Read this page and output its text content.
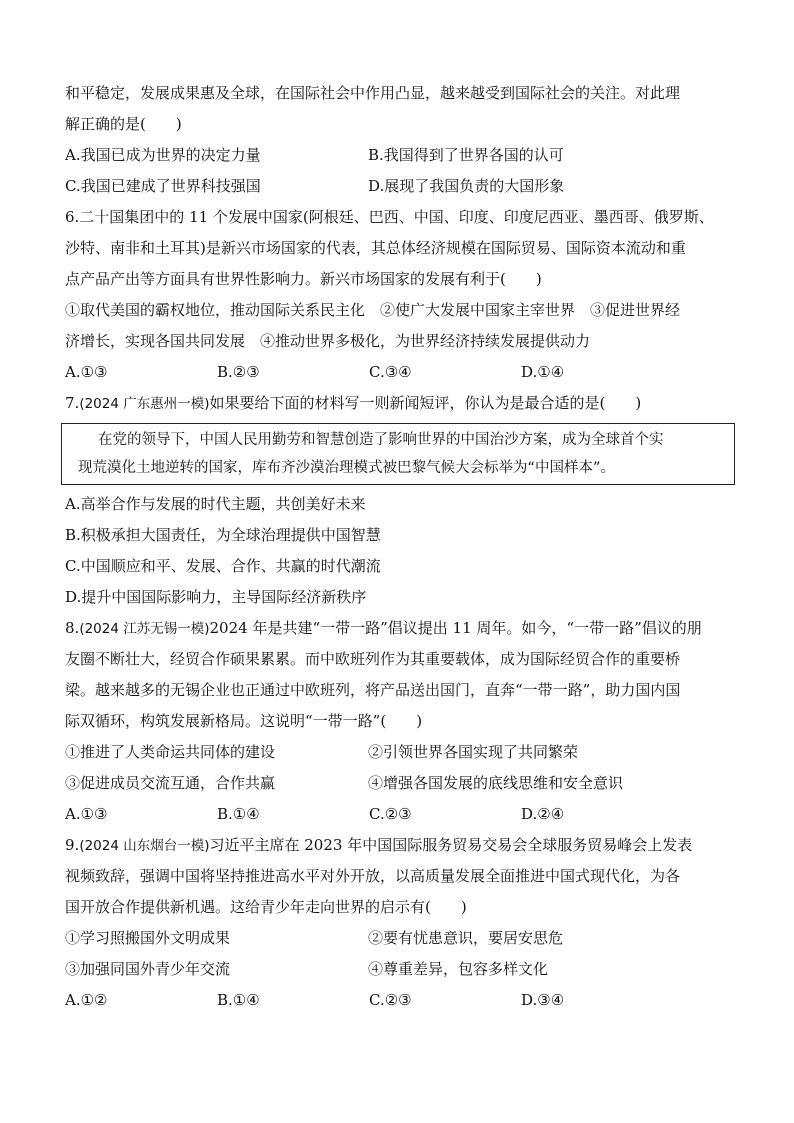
和平稳定，发展成果惠及全球，在国际社会中作用凸显，越来越受到国际社会的关注。对此理
解正确的是(　　)
A.我国已成为世界的决定力量	B.我国得到了世界各国的认可
C.我国已建成了世界科技强国	D.展现了我国负责的大国形象
6.二十国集团中的 11 个发展中国家(阿根廷、巴西、中国、印度、印度尼西亚、墨西哥、俄罗斯、
沙特、南非和土耳其)是新兴市场国家的代表，其总体经济规模在国际贸易、国际资本流动和重
点产品产出等方面具有世界性影响力。新兴市场国家的发展有利于(　　)
①取代美国的霸权地位，推动国际关系民主化　②使广大发展中国家主宰世界　③促进世界经
济增长，实现各国共同发展　④推动世界多极化，为世界经济持续发展提供动力
A.①③	B.②③	C.③④	D.①④
7.(2024 广东惠州一模)如果要给下面的材料写一则新闻短评，你认为是最合适的是(　　)
在党的领导下，中国人民用勤劳和智慧创造了影响世界的中国治沙方案，成为全球首个实
现荒漠化土地逆转的国家，库布齐沙漠治理模式被巴黎气候大会标举为“中国样本”。
A.高举合作与发展的时代主题，共创美好未来
B.积极承担大国责任，为全球治理提供中国智慧
C.中国顺应和平、发展、合作、共赢的时代潮流
D.提升中国国际影响力，主导国际经济新秩序
8.(2024 江苏无锡一模)2024 年是共建“一带一路”倡议提出 11 周年。如今，“一带一路”倡议的朋
友圈不断壮大，经贸合作硕果累累。而中欧班列作为其重要载体，成为国际经贸合作的重要桥
梁。越来越多的无锡企业也正通过中欧班列，将产品送出国门，直奔“一带一路”，助力国内国
际双循环，构筑发展新格局。这说明“一带一路”(　　)
①推进了人类命运共同体的建设	②引领世界各国实现了共同繁荣
③促进成员交流互通，合作共赢	④增强各国发展的底线思维和安全意识
A.①③	B.①④	C.②③	D.②④
9.(2024 山东烟台一模)习近平主席在 2023 年中国国际服务贸易交易会全球服务贸易峰会上发表
视频致辞，强调中国将坚持推进高水平对外开放，以高质量发展全面推进中国式现代化，为各
国开放合作提供新机遇。这给青少年走向世界的启示有(　　)
①学习照搬国外文明成果	②要有忧患意识，要居安思危
③加强同国外青少年交流	④尊重差异，包容多样文化
A.①②	B.①④	C.②③	D.③④
